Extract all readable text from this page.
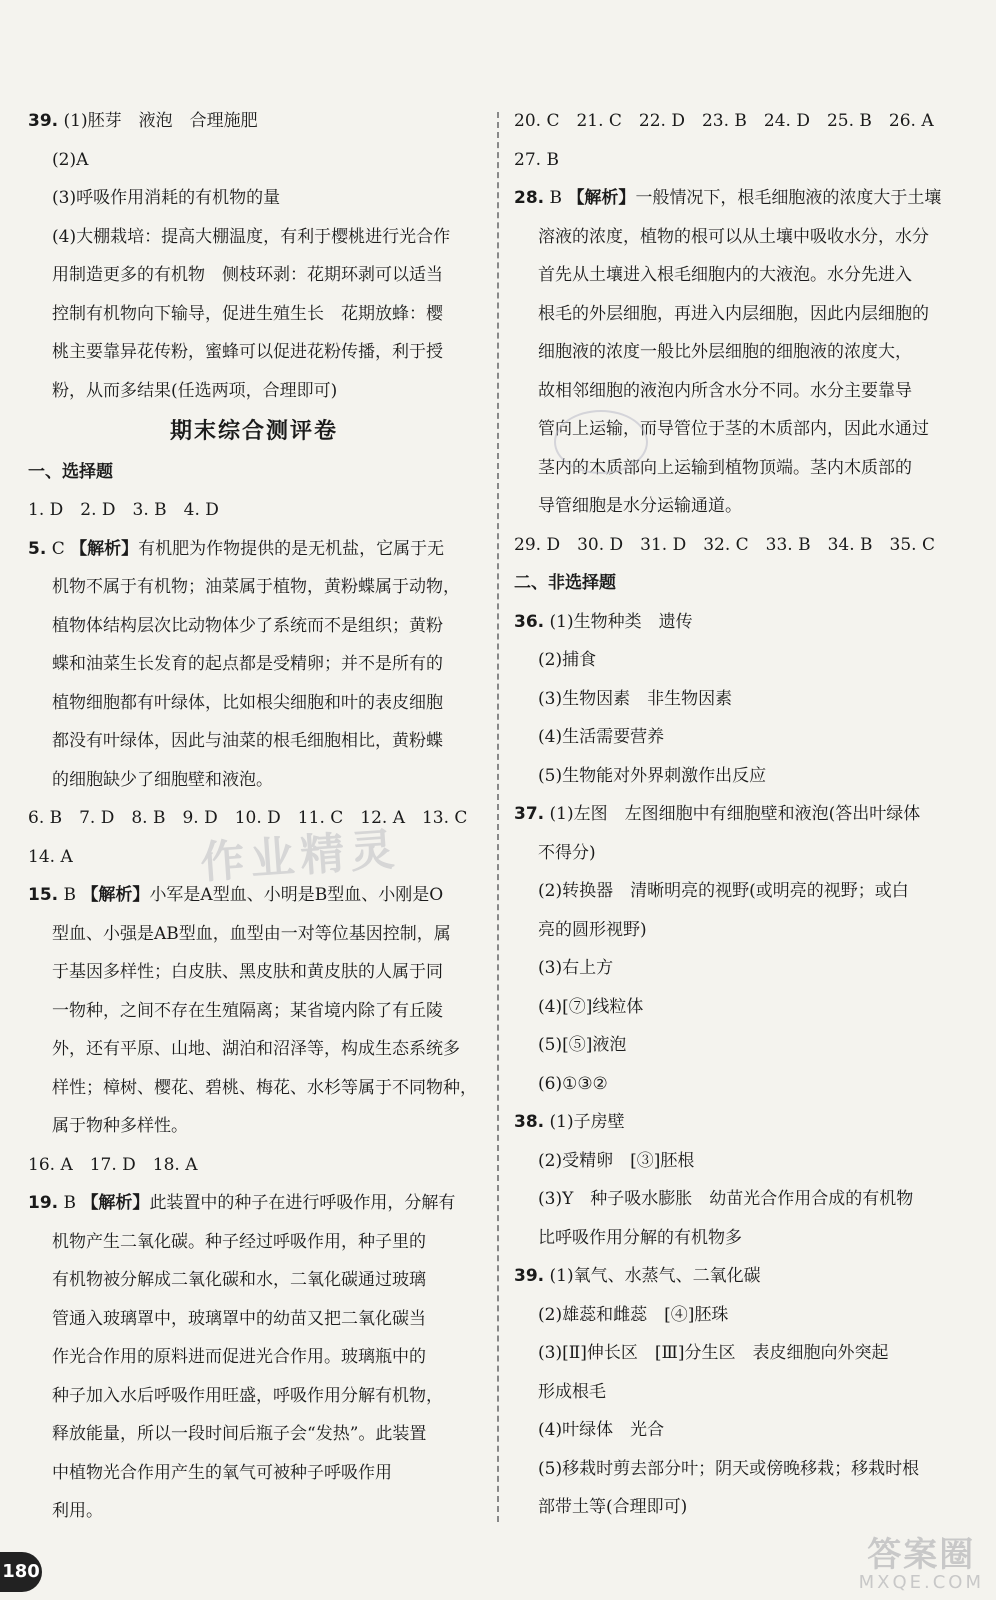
39. (1)胚芽　液泡　合理施肥
(2)A
(3)呼吸作用消耗的有机物的量
(4)大棚栽培：提高大棚温度，有利于樱桃进行光合作
用制造更多的有机物　侧枝环剥：花期环剥可以适当
控制有机物向下输导，促进生殖生长　花期放蜂：樱
桃主要靠异花传粉，蜜蜂可以促进花粉传播，利于授
粉，从而多结果(任选两项，合理即可)
期末综合测评卷
一、选择题
1. D　2. D　3. B　4. D
5. C 【解析】有机肥为作物提供的是无机盐，它属于无
机物不属于有机物；油菜属于植物，黄粉蝶属于动物，
植物体结构层次比动物体少了系统而不是组织；黄粉
蝶和油菜生长发育的起点都是受精卵；并不是所有的
植物细胞都有叶绿体，比如根尖细胞和叶的表皮细胞
都没有叶绿体，因此与油菜的根毛细胞相比，黄粉蝶
的细胞缺少了细胞壁和液泡。
6. B　7. D　8. B　9. D　10. D　11. C　12. A　13. C
14. A
15. B 【解析】小军是A型血、小明是B型血、小刚是O
型血、小强是AB型血，血型由一对等位基因控制，属
于基因多样性；白皮肤、黑皮肤和黄皮肤的人属于同
一物种，之间不存在生殖隔离；某省境内除了有丘陵
外，还有平原、山地、湖泊和沼泽等，构成生态系统多
样性；樟树、樱花、碧桃、梅花、水杉等属于不同物种，
属于物种多样性。
16. A　17. D　18. A
19. B 【解析】此装置中的种子在进行呼吸作用，分解有
机物产生二氧化碳。种子经过呼吸作用，种子里的
有机物被分解成二氧化碳和水，二氧化碳通过玻璃
管通入玻璃罩中，玻璃罩中的幼苗又把二氧化碳当
作光合作用的原料进而促进光合作用。玻璃瓶中的
种子加入水后呼吸作用旺盛，呼吸作用分解有机物，
释放能量，所以一段时间后瓶子会“发热”。此装置
中植物光合作用产生的氧气可被种子呼吸作用
利用。
20. C　21. C　22. D　23. B　24. D　25. B　26. A
27. B
28. B 【解析】一般情况下，根毛细胞液的浓度大于土壤
溶液的浓度，植物的根可以从土壤中吸收水分，水分
首先从土壤进入根毛细胞内的大液泡。水分先进入
根毛的外层细胞，再进入内层细胞，因此内层细胞的
细胞液的浓度一般比外层细胞的细胞液的浓度大，
故相邻细胞的液泡内所含水分不同。水分主要靠导
管向上运输，而导管位于茎的木质部内，因此水通过
茎内的木质部向上运输到植物顶端。茎内木质部的
导管细胞是水分运输通道。
29. D　30. D　31. D　32. C　33. B　34. B　35. C
二、非选择题
36. (1)生物种类　遗传
(2)捕食
(3)生物因素　非生物因素
(4)生活需要营养
(5)生物能对外界刺激作出反应
37. (1)左图　左图细胞中有细胞壁和液泡(答出叶绿体
不得分)
(2)转换器　清晰明亮的视野(或明亮的视野；或白
亮的圆形视野)
(3)右上方
(4)[⑦]线粒体
(5)[⑤]液泡
(6)①③②
38. (1)子房壁
(2)受精卵　[③]胚根
(3)Y　种子吸水膨胀　幼苗光合作用合成的有机物
比呼吸作用分解的有机物多
39. (1)氧气、水蒸气、二氧化碳
(2)雄蕊和雌蕊　[④]胚珠
(3)[Ⅱ]伸长区　[Ⅲ]分生区　表皮细胞向外突起
形成根毛
(4)叶绿体　光合
(5)移栽时剪去部分叶；阴天或傍晚移栽；移栽时根
部带土等(合理即可)
作业精灵
180	答案圈
MXQE.COM
